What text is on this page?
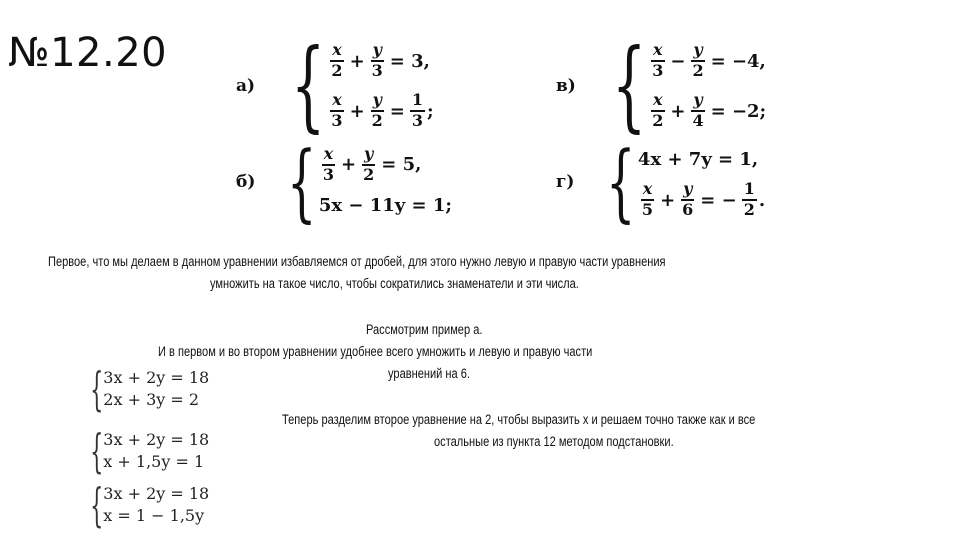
№12.20
а) { $\frac{x}{2} + \frac{y}{3} = 3$,
$\frac{x}{3} + \frac{y}{2} = \frac{1}{3}$ ;
б) { $\frac{x}{3} + \frac{y}{2} = 5$,
5x − 11y = 1;
в) { $\frac{x}{3} - \frac{y}{2} = -4$,
$\frac{x}{2} + \frac{y}{4} = -2$;
г) { 4x + 7y = 1,
$\frac{x}{5} + \frac{y}{6}$ = − $\frac{1}{2}$ .
Первое, что мы делаем в данном уравнении избавляемся от дробей, для этого нужно левую и правую части уравнения
умножить на такое число, чтобы сократились знаменатели и эти числа.
Рассмотрим пример а.
И в первом и во втором уравнении удобнее всего умножить и левую и правую части
уравнений на 6.
Теперь разделим второе уравнение на 2, чтобы выразить х и решаем точно также как и все
остальные из пункта 12 методом подстановки.
{ 3x + 2y = 18
2x + 3y = 2
{ 3x + 2y = 18
x + 1,5y = 1
{ 3x + 2y = 18
x = 1 − 1,5y
